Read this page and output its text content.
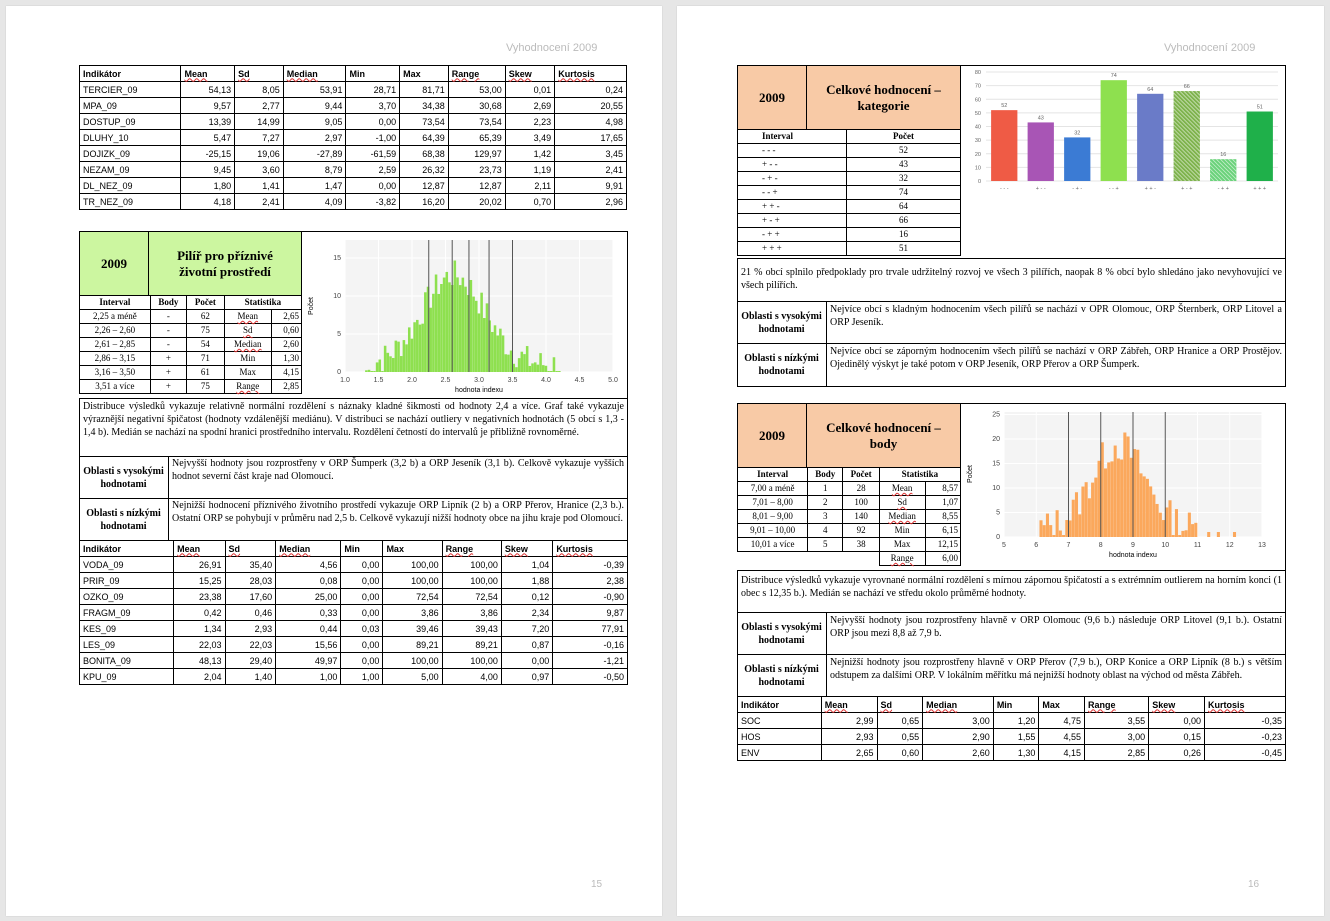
Vyhodnocení 2009
Indikátor	Mean	Sd	Median	Min	Max	Range	Skew	Kurtosis
TERCIER_09	54,13	8,05	53,91	28,71	81,71	53,00	0,01	0,24
MPA_09	9,57	2,77	9,44	3,70	34,38	30,68	2,69	20,55
DOSTUP_09	13,39	14,99	9,05	0,00	73,54	73,54	2,23	4,98
DLUHY_10	5,47	7,27	2,97	-1,00	64,39	65,39	3,49	17,65
DOJIZK_09	-25,15	19,06	-27,89	-61,59	68,38	129,97	1,42	3,45
NEZAM_09	9,45	3,60	8,79	2,59	26,32	23,73	1,19	2,41
DL_NEZ_09	1,80	1,41	1,47	0,00	12,87	12,87	2,11	9,91
TR_NEZ_09	4,18	2,41	4,09	-3,82	16,20	20,02	0,70	2,96
2009
Pilíř pro příznivé životní prostředí
Interval	Body	Počet	Statistika	
2,25 a méně	-	62	Mean	2,65
2,26 – 2,60	-	75	Sd	0,60
2,61 – 2,85	-	54	Median	2,60
2,86 – 3,15	+	71	Min	1,30
3,16 – 3,50	+	61	Max	4,15
3,51 a více	+	75	Range	2,85
1.0	1.5	2.0	2.5	3.0	3.5	4.0	4.5	5.0
0
5
10
15
Počet
hodnota indexu
Distribuce výsledků vykazuje relativně normální rozdělení s náznaky kladné šikmosti od hodnoty 2,4 a více. Graf také vykazuje výraznější negativní špičatost (hodnoty vzdálenější mediánu). V distribuci se nachází outliery v negativních hodnotách (5 obcí s 1,3 - 1,4 b). Medián se nachází na spodní hranici prostředního intervalu. Rozdělení četností do intervalů je přibližně rovnoměrné.
Oblasti s vysokými hodnotami
Nejvyšší hodnoty jsou rozprostřeny v ORP Šumperk (3,2 b) a ORP Jeseník (3,1 b). Celkově vykazuje vyšších hodnot severní část kraje nad Olomoucí.
Oblasti s nízkými hodnotami
Nejnižší hodnocení příznivého životního prostředí vykazuje ORP Lipník (2 b) a ORP Přerov, Hranice (2,3 b.). Ostatní ORP se pohybují v průměru nad 2,5 b. Celkově vykazují nižší hodnoty obce na jihu kraje pod Olomoucí.
Indikátor	Mean	Sd	Median	Min	Max	Range	Skew	Kurtosis
VODA_09	26,91	35,40	4,56	0,00	100,00	100,00	1,04	-0,39
PRIR_09	15,25	28,03	0,08	0,00	100,00	100,00	1,88	2,38
OZKO_09	23,38	17,60	25,00	0,00	72,54	72,54	0,12	-0,90
FRAGM_09	0,42	0,46	0,33	0,00	3,86	3,86	2,34	9,87
KES_09	1,34	2,93	0,44	0,03	39,46	39,43	7,20	77,91
LES_09	22,03	22,03	15,56	0,00	89,21	89,21	0,87	-0,16
BONITA_09	48,13	29,40	49,97	0,00	100,00	100,00	0,00	-1,21
KPU_09	2,04	1,40	1,00	1,00	5,00	4,00	0,97	-0,50
15
Vyhodnocení 2009
2009
Celkové hodnocení – kategorie
Interval	Počet
- - -	52
+ - -	43
- + -	32
- - +	74
+ + -	64
+ - +	66
- + +	16
+ + +	51
0
10
20
30
40
50
60
70
80
52
- - -
43
+ - -
32
- + -
74
- - +
64
+ + -
66
+ - +
16
- + +
51
+ + +
21 % obcí splnilo předpoklady pro trvale udržitelný rozvoj ve všech 3 pilířích, naopak 8 % obcí bylo shledáno jako nevyhovující ve všech pilířích.
Oblasti s vysokými hodnotami
Nejvíce obcí s kladným hodnocením všech pilířů se nachází v OPR Olomouc, ORP Šternberk, ORP Litovel a ORP Jeseník.
Oblasti s nízkými hodnotami
Nejvíce obcí se záporným hodnocením všech pilířů se nachází v ORP Zábřeh, ORP Hranice a ORP Prostějov. Ojedinělý výskyt je také potom v ORP Jeseník, ORP Přerov a ORP Šumperk.
2009
Celkové hodnocení – body
Interval	Body	Počet	Statistika	
7,00 a méně	1	28	Mean	8,57
7,01 – 8,00	2	100	Sd	1,07
8,01 – 9,00	3	140	Median	8,55
9,01 – 10,00	4	92	Min	6,15
10,01 a více	5	38	Max	12,15
			Range	6,00
5	6	7	8	9	10	11	12	13
0
5
10
15
20
25
Počet
hodnota indexu
Distribuce výsledků vykazuje vyrovnané normální rozdělení s mírnou zápornou špičatostí a s extrémním outlierem na horním konci (1 obec s 12,35 b.). Medián se nachází ve středu okolo průměrné hodnoty.
Oblasti s vysokými hodnotami
Nejvyšší hodnoty jsou rozprostřeny hlavně v ORP Olomouc (9,6 b.) následuje ORP Litovel (9,1 b.). Ostatní ORP jsou mezi 8,8 až 7,9 b.
Oblasti s nízkými hodnotami
Nejnižší hodnoty jsou rozprostřeny hlavně v ORP Přerov (7,9 b.), ORP Konice a ORP Lipník (8 b.) s větším odstupem za dalšími ORP. V lokálním měřítku má nejnižší hodnoty oblast na východ od města Zábřeh.
Indikátor	Mean	Sd	Median	Min	Max	Range	Skew	Kurtosis
SOC	2,99	0,65	3,00	1,20	4,75	3,55	0,00	-0,35
HOS	2,93	0,55	2,90	1,55	4,55	3,00	0,15	-0,23
ENV	2,65	0,60	2,60	1,30	4,15	2,85	0,26	-0,45
16
